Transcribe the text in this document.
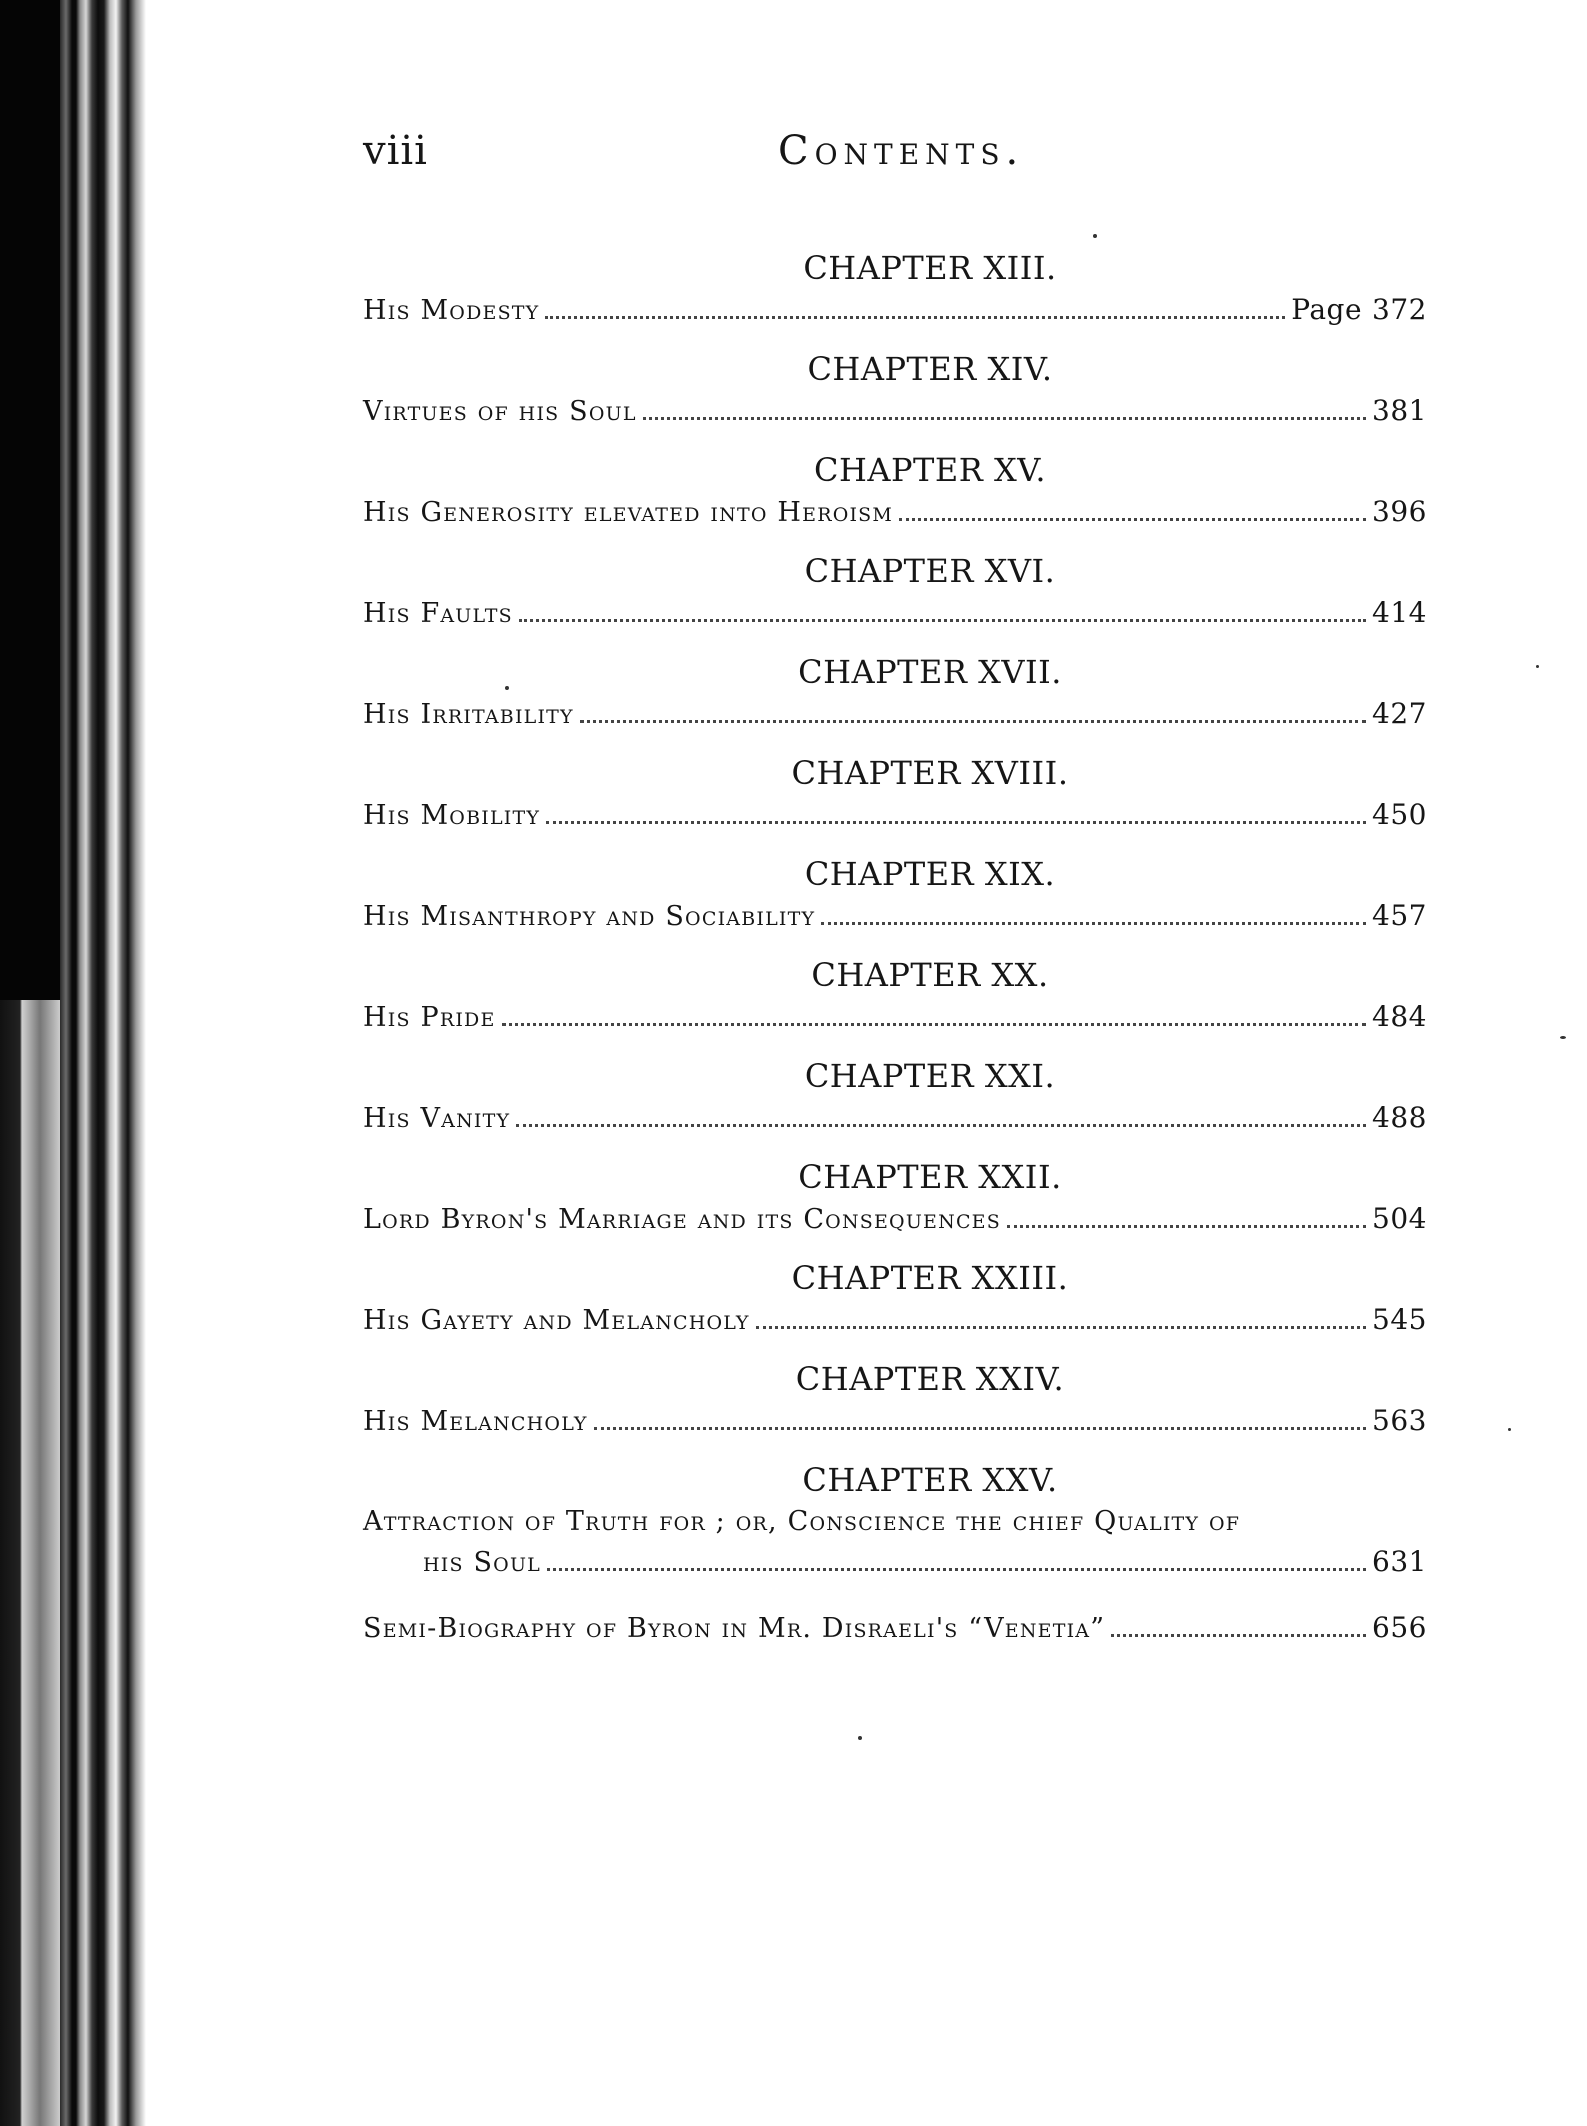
viii	Contents.
CHAPTER XIII.
His Modesty	Page 372
CHAPTER XIV.
Virtues of his Soul	381
CHAPTER XV.
His Generosity elevated into Heroism	396
CHAPTER XVI.
His Faults	414
CHAPTER XVII.
His Irritability	427
CHAPTER XVIII.
His Mobility	450
CHAPTER XIX.
His Misanthropy and Sociability	457
CHAPTER XX.
His Pride	484
CHAPTER XXI.
His Vanity	488
CHAPTER XXII.
Lord Byron's Marriage and its Consequences	504
CHAPTER XXIII.
His Gayety and Melancholy	545
CHAPTER XXIV.
His Melancholy	563
CHAPTER XXV.
Attraction of Truth for ; or, Conscience the chief Quality of
his Soul	631
Semi-Biography of Byron in Mr. Disraeli's “Venetia”	656
